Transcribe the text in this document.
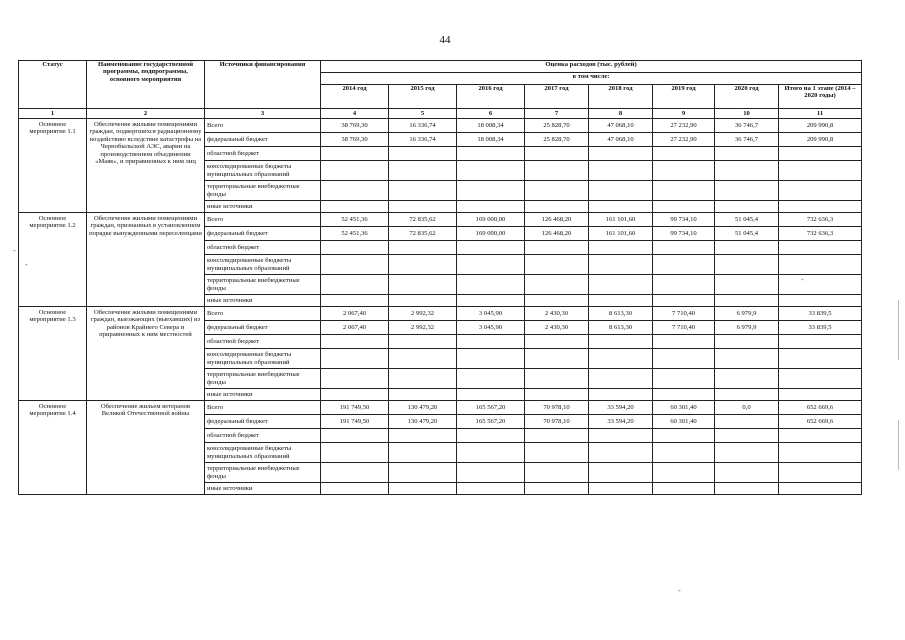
44
Статус	Наименование государственной программы, подпрограммы, основного мероприятия	Источники финансирования	Оценка расходов (тыс. рублей)							
			в том числе:							
			2014 год	2015 год	2016 год	2017 год	2018 год	2019 год	2020 год	Итого на 1 этапе (2014 – 2020 годы)
1	2	3	4	5	6	7	8	9	10	11
Основное мероприятие 1.1	Обеспечение жилыми помещениями граждан, подвергшихся радиационному воздействию вследствие катастрофы на Чернобыльской АЭС, аварии на производственном объединении «Маяк», и приравненных к ним лиц	Всего	38 769,30	16 336,74	18 008,34	25 828,70	47 068,10	27 232,90	36 746,7	209 990,8
		федеральный бюджет	38 769,30	16 336,74	18 008,34	25 828,70	47 068,10	27 232,90	36 746,7	209 990,8
		областной бюджет								
		консолидированные бюджеты муниципальных образований								
		территориальные внебюджетные фонды								
		иные источники								
Основное мероприятие 1.2	Обеспечение жилыми помещениями граждан, признанных в установленном порядке вынужденными переселенцами	Всего	52 451,36	72 835,62	169 000,00	126 468,20	161 101,60	99 734,10	51 045,4	732 636,3
		федеральный бюджет	52 451,36	72 835,62	169 000,00	126 468,20	161 101,60	99 734,10	51 045,4	732 636,3
		областной бюджет								
		консолидированные бюджеты муниципальных образований								
		территориальные внебюджетные фонды								
		иные источники								
Основное мероприятие 1.3	Обеспечение жилыми помещениями граждан, выезжающих (выехавших) из районов Крайнего Севера и приравненных к ним местностей	Всего	2 067,40	2 992,32	3 045,90	2 430,30	8 613,30	7 710,40	6 979,9	33 839,5
		федеральный бюджет	2 067,40	2 992,32	3 045,90	2 430,30	8 613,30	7 710,40	6 979,9	33 839,5
		областной бюджет								
		консолидированные бюджеты муниципальных образований								
		территориальные внебюджетные фонды								
		иные источники								
Основное мероприятие 1.4	Обеспечение жильем ветеранов Великой Отечественной войны	Всего	191 749,50	130 479,20	165 567,20	70 978,10	33 594,20	60 301,40	0,0	652 669,6
		федеральный бюджет	191 749,50	130 479,20	165 567,20	70 978,10	33 594,20	60 301,40		652 669,6
		областной бюджет								
		консолидированные бюджеты муниципальных образований								
		территориальные внебюджетные фонды								
		иные источники								
-
-
-
-
